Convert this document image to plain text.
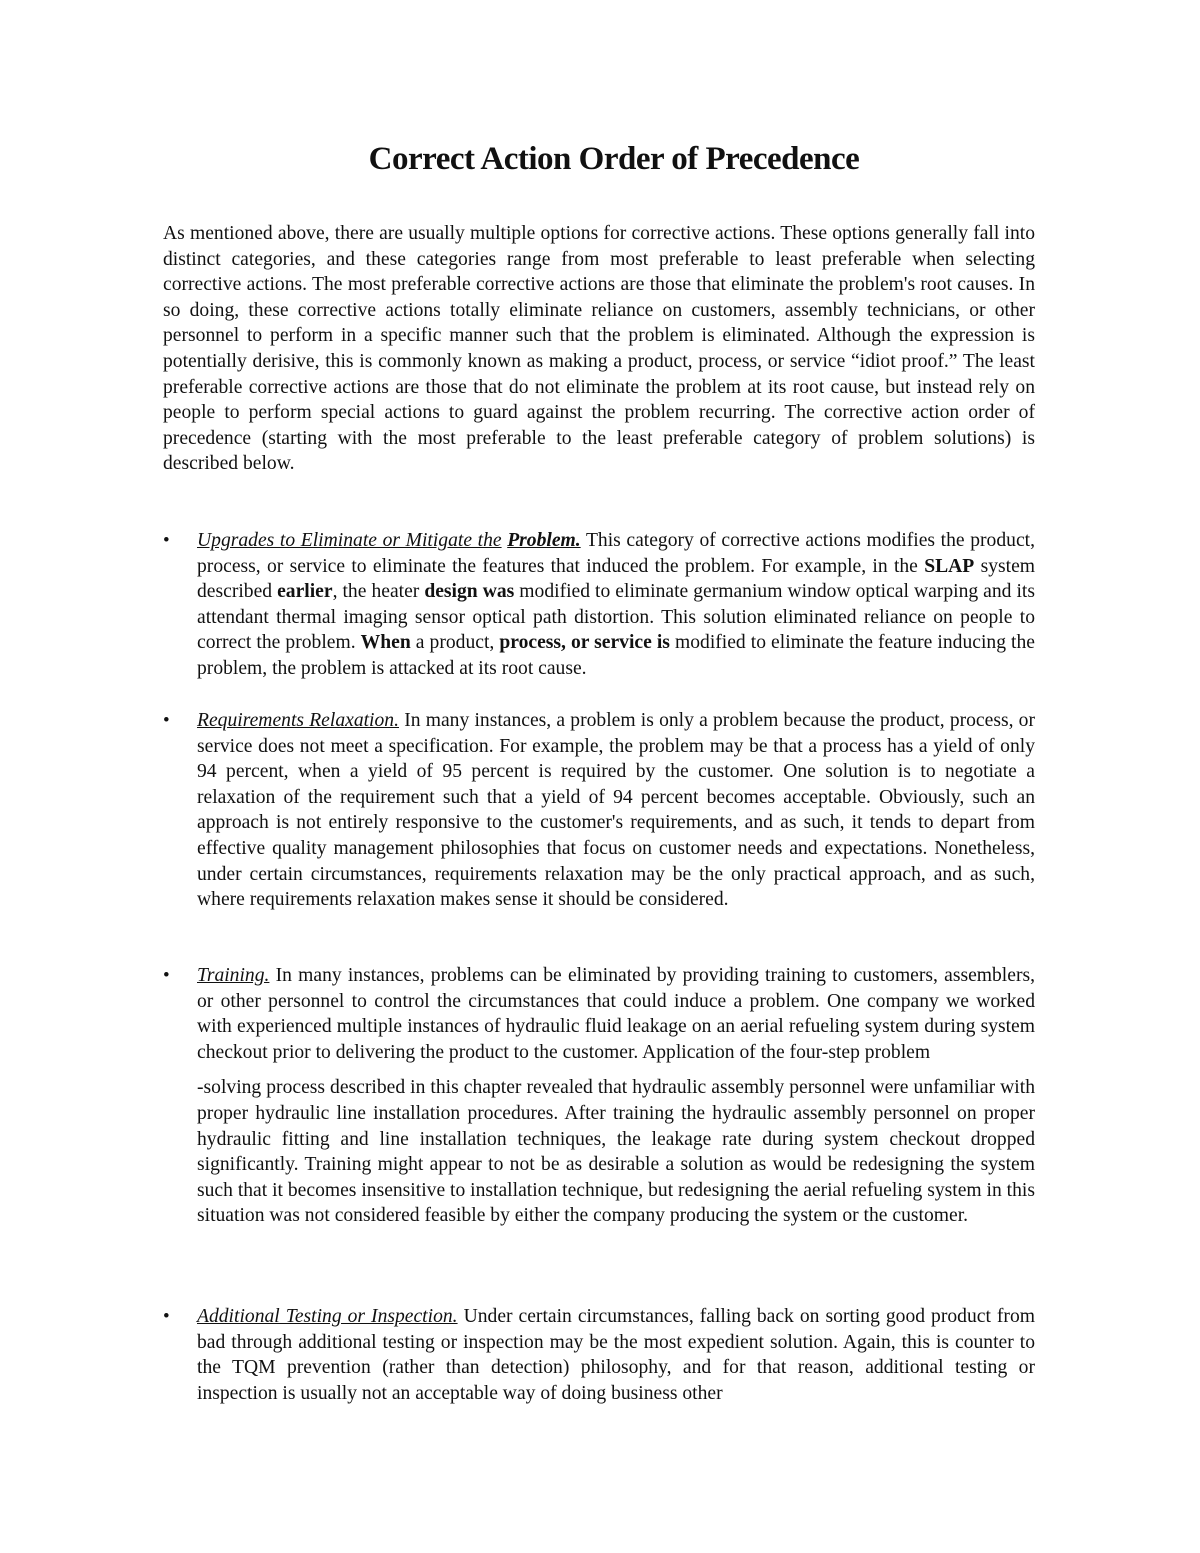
Correct Action Order of Precedence

As mentioned above, there are usually multiple options for corrective actions. These options generally fall into distinct categories, and these categories range from most preferable to least preferable when selecting corrective actions. The most preferable corrective actions are those that eliminate the problem's root causes. In so doing, these corrective actions totally eliminate reliance on customers, assembly technicians, or other personnel to perform in a specific manner such that the problem is eliminated. Although the expression is potentially derisive, this is commonly known as making a product, process, or service “idiot proof.” The least preferable corrective actions are those that do not eliminate the problem at its root cause, but instead rely on people to perform special actions to guard against the problem recurring. The corrective action order of precedence (starting with the most preferable to the least preferable category of problem solutions) is described below.

• Upgrades to Eliminate or Mitigate the Problem. This category of corrective actions modifies the product, process, or service to eliminate the features that induced the problem. For example, in the SLAP system described earlier, the heater design was modified to eliminate germanium window optical warping and its attendant thermal imaging sensor optical path distortion. This solution eliminated reliance on people to correct the problem. When a product, process, or service is modified to eliminate the feature inducing the problem, the problem is attacked at its root cause.
• Requirements Relaxation. In many instances, a problem is only a problem because the product, process, or service does not meet a specification. For example, the problem may be that a process has a yield of only 94 percent, when a yield of 95 percent is required by the customer. One solution is to negotiate a relaxation of the requirement such that a yield of 94 percent becomes acceptable. Obviously, such an approach is not entirely responsive to the customer's requirements, and as such, it tends to depart from effective quality management philosophies that focus on customer needs and expectations. Nonetheless, under certain circumstances, requirements relaxation may be the only practical approach, and as such, where requirements relaxation makes sense it should be considered.
• Training. In many instances, problems can be eliminated by providing training to customers, assemblers, or other personnel to control the circumstances that could induce a problem. One company we worked with experienced multiple instances of hydraulic fluid leakage on an aerial refueling system during system checkout prior to delivering the product to the customer. Application of the four-step problem

-solving process described in this chapter revealed that hydraulic assembly personnel were unfamiliar with proper hydraulic line installation procedures. After training the hydraulic assembly personnel on proper hydraulic fitting and line installation techniques, the leakage rate during system checkout dropped significantly. Training might appear to not be as desirable a solution as would be redesigning the system such that it becomes insensitive to installation technique, but redesigning the aerial refueling system in this situation was not considered feasible by either the company producing the system or the customer.

• Additional Testing or Inspection. Under certain circumstances, falling back on sorting good product from bad through additional testing or inspection may be the most expedient solution. Again, this is counter to the TQM prevention (rather than detection) philosophy, and for that reason, additional testing or inspection is usually not an acceptable way of doing business other
